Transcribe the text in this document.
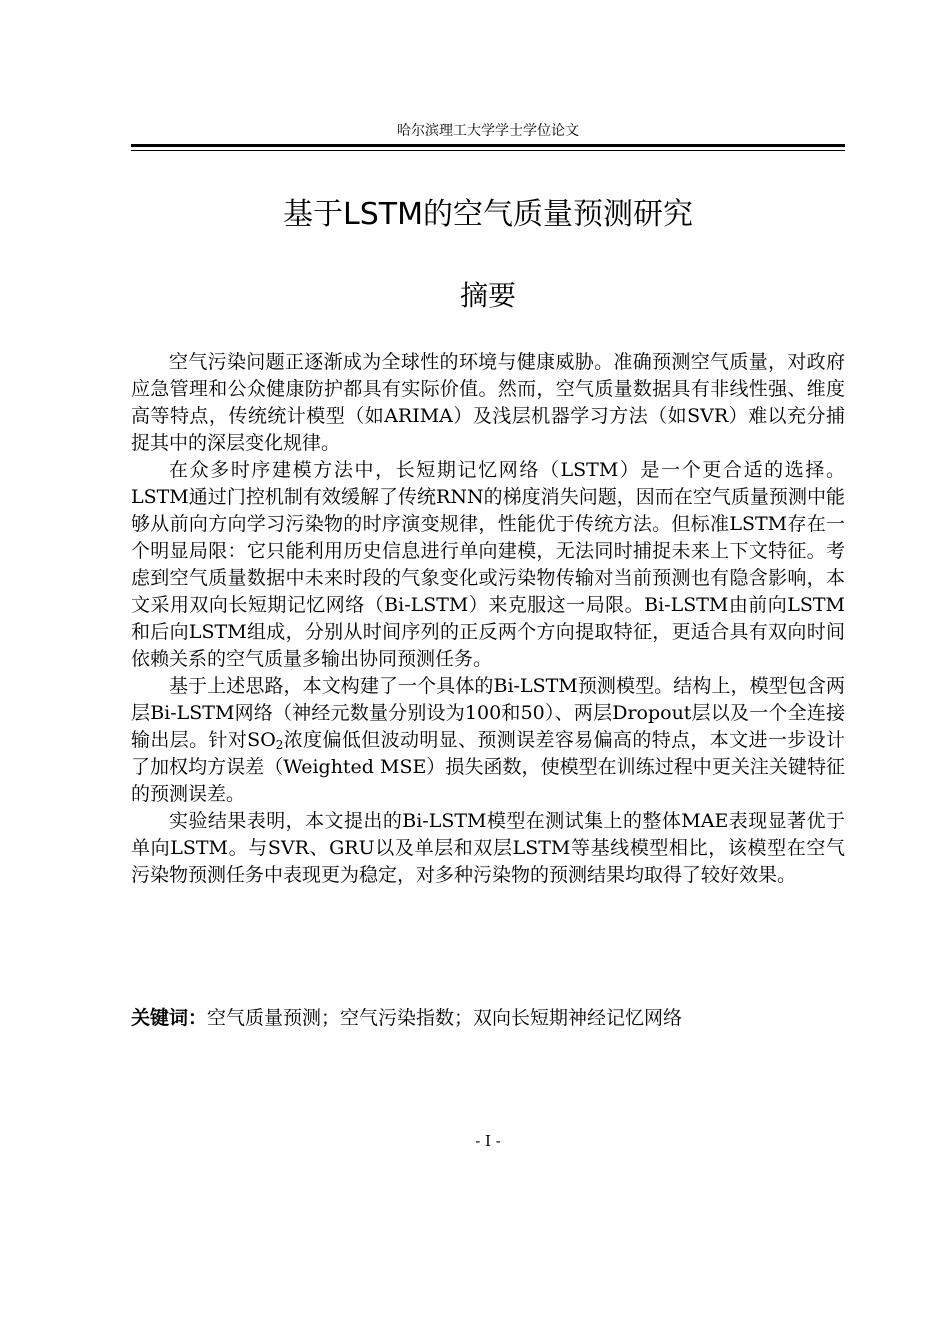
哈尔滨理工大学学士学位论文
基于LSTM的空气质量预测研究
摘要

空气污染问题正逐渐成为全球性的环境与健康威胁。准确预测空气质量，对政府应急管理和公众健康防护都具有实际价值。然而，空气质量数据具有非线性强、维度高等特点，传统统计模型（如ARIMA）及浅层机器学习方法（如SVR）难以充分捕捉其中的深层变化规律。

在众多时序建模方法中，长短期记忆网络（LSTM）是一个更合适的选择。LSTM通过门控机制有效缓解了传统RNN的梯度消失问题，因而在空气质量预测中能够从前向方向学习污染物的时序演变规律，性能优于传统方法。但标准LSTM存在一个明显局限：它只能利用历史信息进行单向建模，无法同时捕捉未来上下文特征。考虑到空气质量数据中未来时段的气象变化或污染物传输对当前预测也有隐含影响，本文采用双向长短期记忆网络（Bi-LSTM）来克服这一局限。Bi-LSTM由前向LSTM和后向LSTM组成，分别从时间序列的正反两个方向提取特征，更适合具有双向时间依赖关系的空气质量多输出协同预测任务。

基于上述思路，本文构建了一个具体的Bi-LSTM预测模型。结构上，模型包含两层Bi-LSTM网络（神经元数量分别设为100和50）、两层Dropout层以及一个全连接输出层。针对$SO_2$浓度偏低但波动明显、预测误差容易偏高的特点，本文进一步设计了加权均方误差（Weighted MSE）损失函数，使模型在训练过程中更关注关键特征的预测误差。

实验结果表明，本文提出的Bi-LSTM模型在测试集上的整体MAE表现显著优于单向LSTM。与SVR、GRU以及单层和双层LSTM等基线模型相比，该模型在空气污染物预测任务中表现更为稳定，对多种污染物的预测结果均取得了较好效果。

关键词：空气质量预测；空气污染指数；双向长短期神经记忆网络
- I -
